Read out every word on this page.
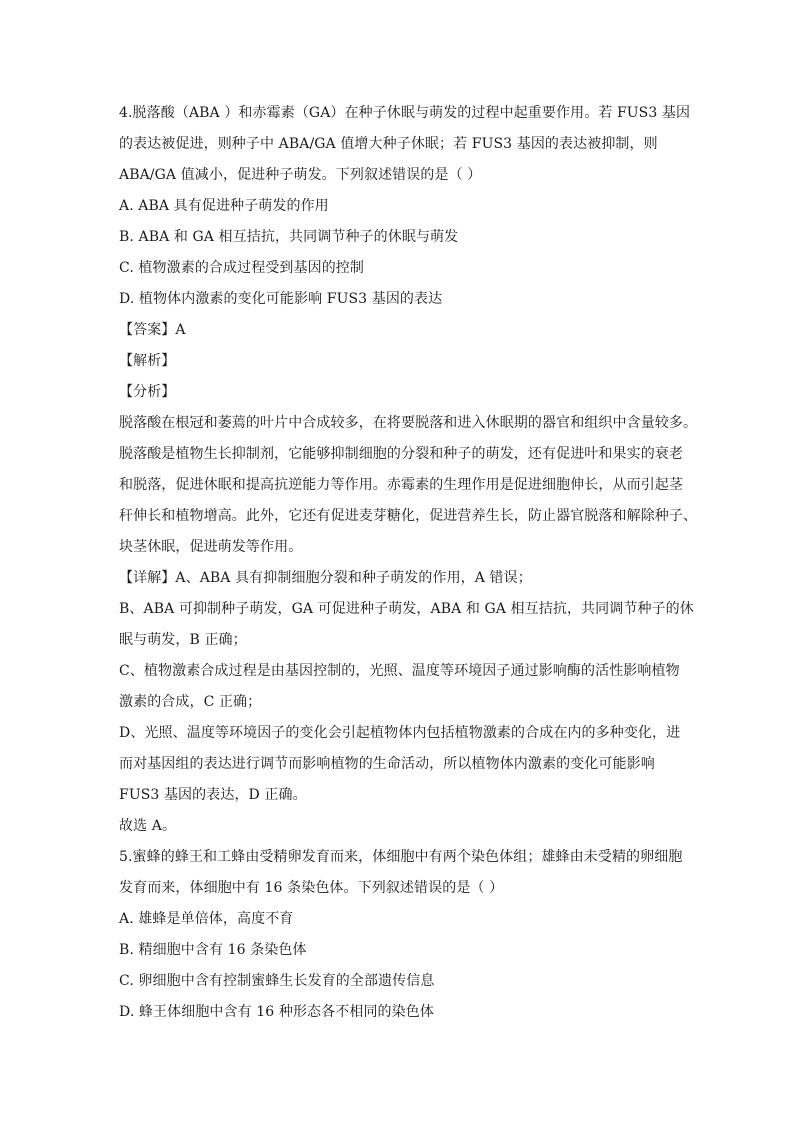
4.脱落酸（ABA ）和赤霉素（GA）在种子休眠与萌发的过程中起重要作用。若 FUS3 基因
的表达被促进，则种子中 ABA/GA 值增大种子休眠；若 FUS3 基因的表达被抑制，则
ABA/GA 值减小，促进种子萌发。下列叙述错误的是（ ）
A. ABA 具有促进种子萌发的作用
B. ABA 和 GA 相互拮抗，共同调节种子的休眠与萌发
C. 植物激素的合成过程受到基因的控制
D. 植物体内激素的变化可能影响 FUS3 基因的表达
【答案】A
【解析】
【分析】
脱落酸在根冠和萎蔫的叶片中合成较多，在将要脱落和进入休眠期的器官和组织中含量较多。
脱落酸是植物生长抑制剂，它能够抑制细胞的分裂和种子的萌发，还有促进叶和果实的衰老
和脱落，促进休眠和提高抗逆能力等作用。赤霉素的生理作用是促进细胞伸长，从而引起茎
秆伸长和植物增高。此外，它还有促进麦芽糖化，促进营养生长，防止器官脱落和解除种子、
块茎休眠，促进萌发等作用。
【详解】A、ABA 具有抑制细胞分裂和种子萌发的作用，A 错误；
B、ABA 可抑制种子萌发，GA 可促进种子萌发，ABA 和 GA 相互拮抗，共同调节种子的休
眠与萌发，B 正确；
C、植物激素合成过程是由基因控制的，光照、温度等环境因子通过影响酶的活性影响植物
激素的合成，C 正确；
D、光照、温度等环境因子的变化会引起植物体内包括植物激素的合成在内的多种变化，进
而对基因组的表达进行调节而影响植物的生命活动，所以植物体内激素的变化可能影响
FUS3 基因的表达，D 正确。
故选 A。
5.蜜蜂的蜂王和工蜂由受精卵发育而来，体细胞中有两个染色体组；雄蜂由未受精的卵细胞
发育而来，体细胞中有 16 条染色体。下列叙述错误的是（ ）
A. 雄蜂是单倍体，高度不育
B. 精细胞中含有 16 条染色体
C. 卵细胞中含有控制蜜蜂生长发育的全部遗传信息
D. 蜂王体细胞中含有 16 种形态各不相同的染色体
